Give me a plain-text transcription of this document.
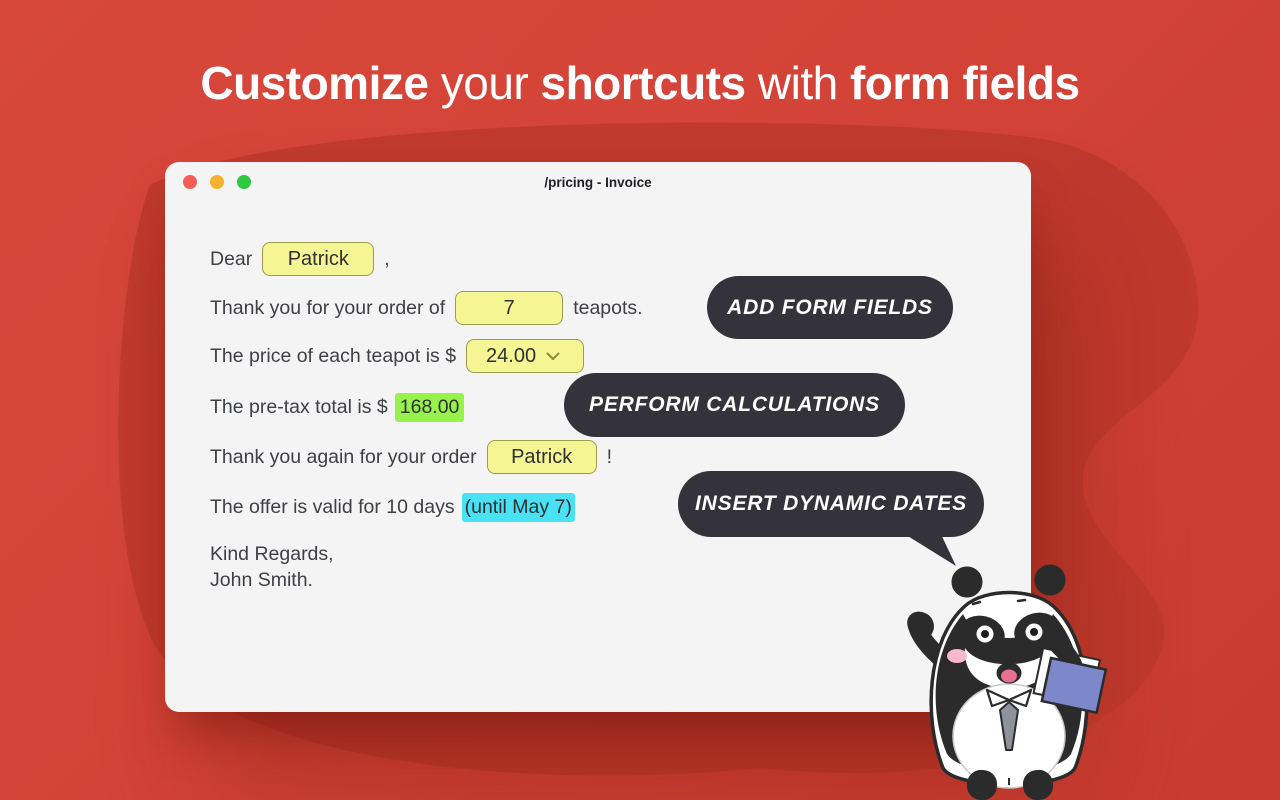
Customize your shortcuts with form fields
/pricing - Invoice
Dear	Patrick	,
Thank you for your order of	7	teapots.
The price of each teapot is $ 24.00
The pre-tax total is $ 168.00
Thank you again for your order	Patrick	!
The offer is valid for 10 days (until May 7)
Kind Regards,
John Smith.
ADD FORM FIELDS
PERFORM CALCULATIONS
INSERT DYNAMIC DATES
